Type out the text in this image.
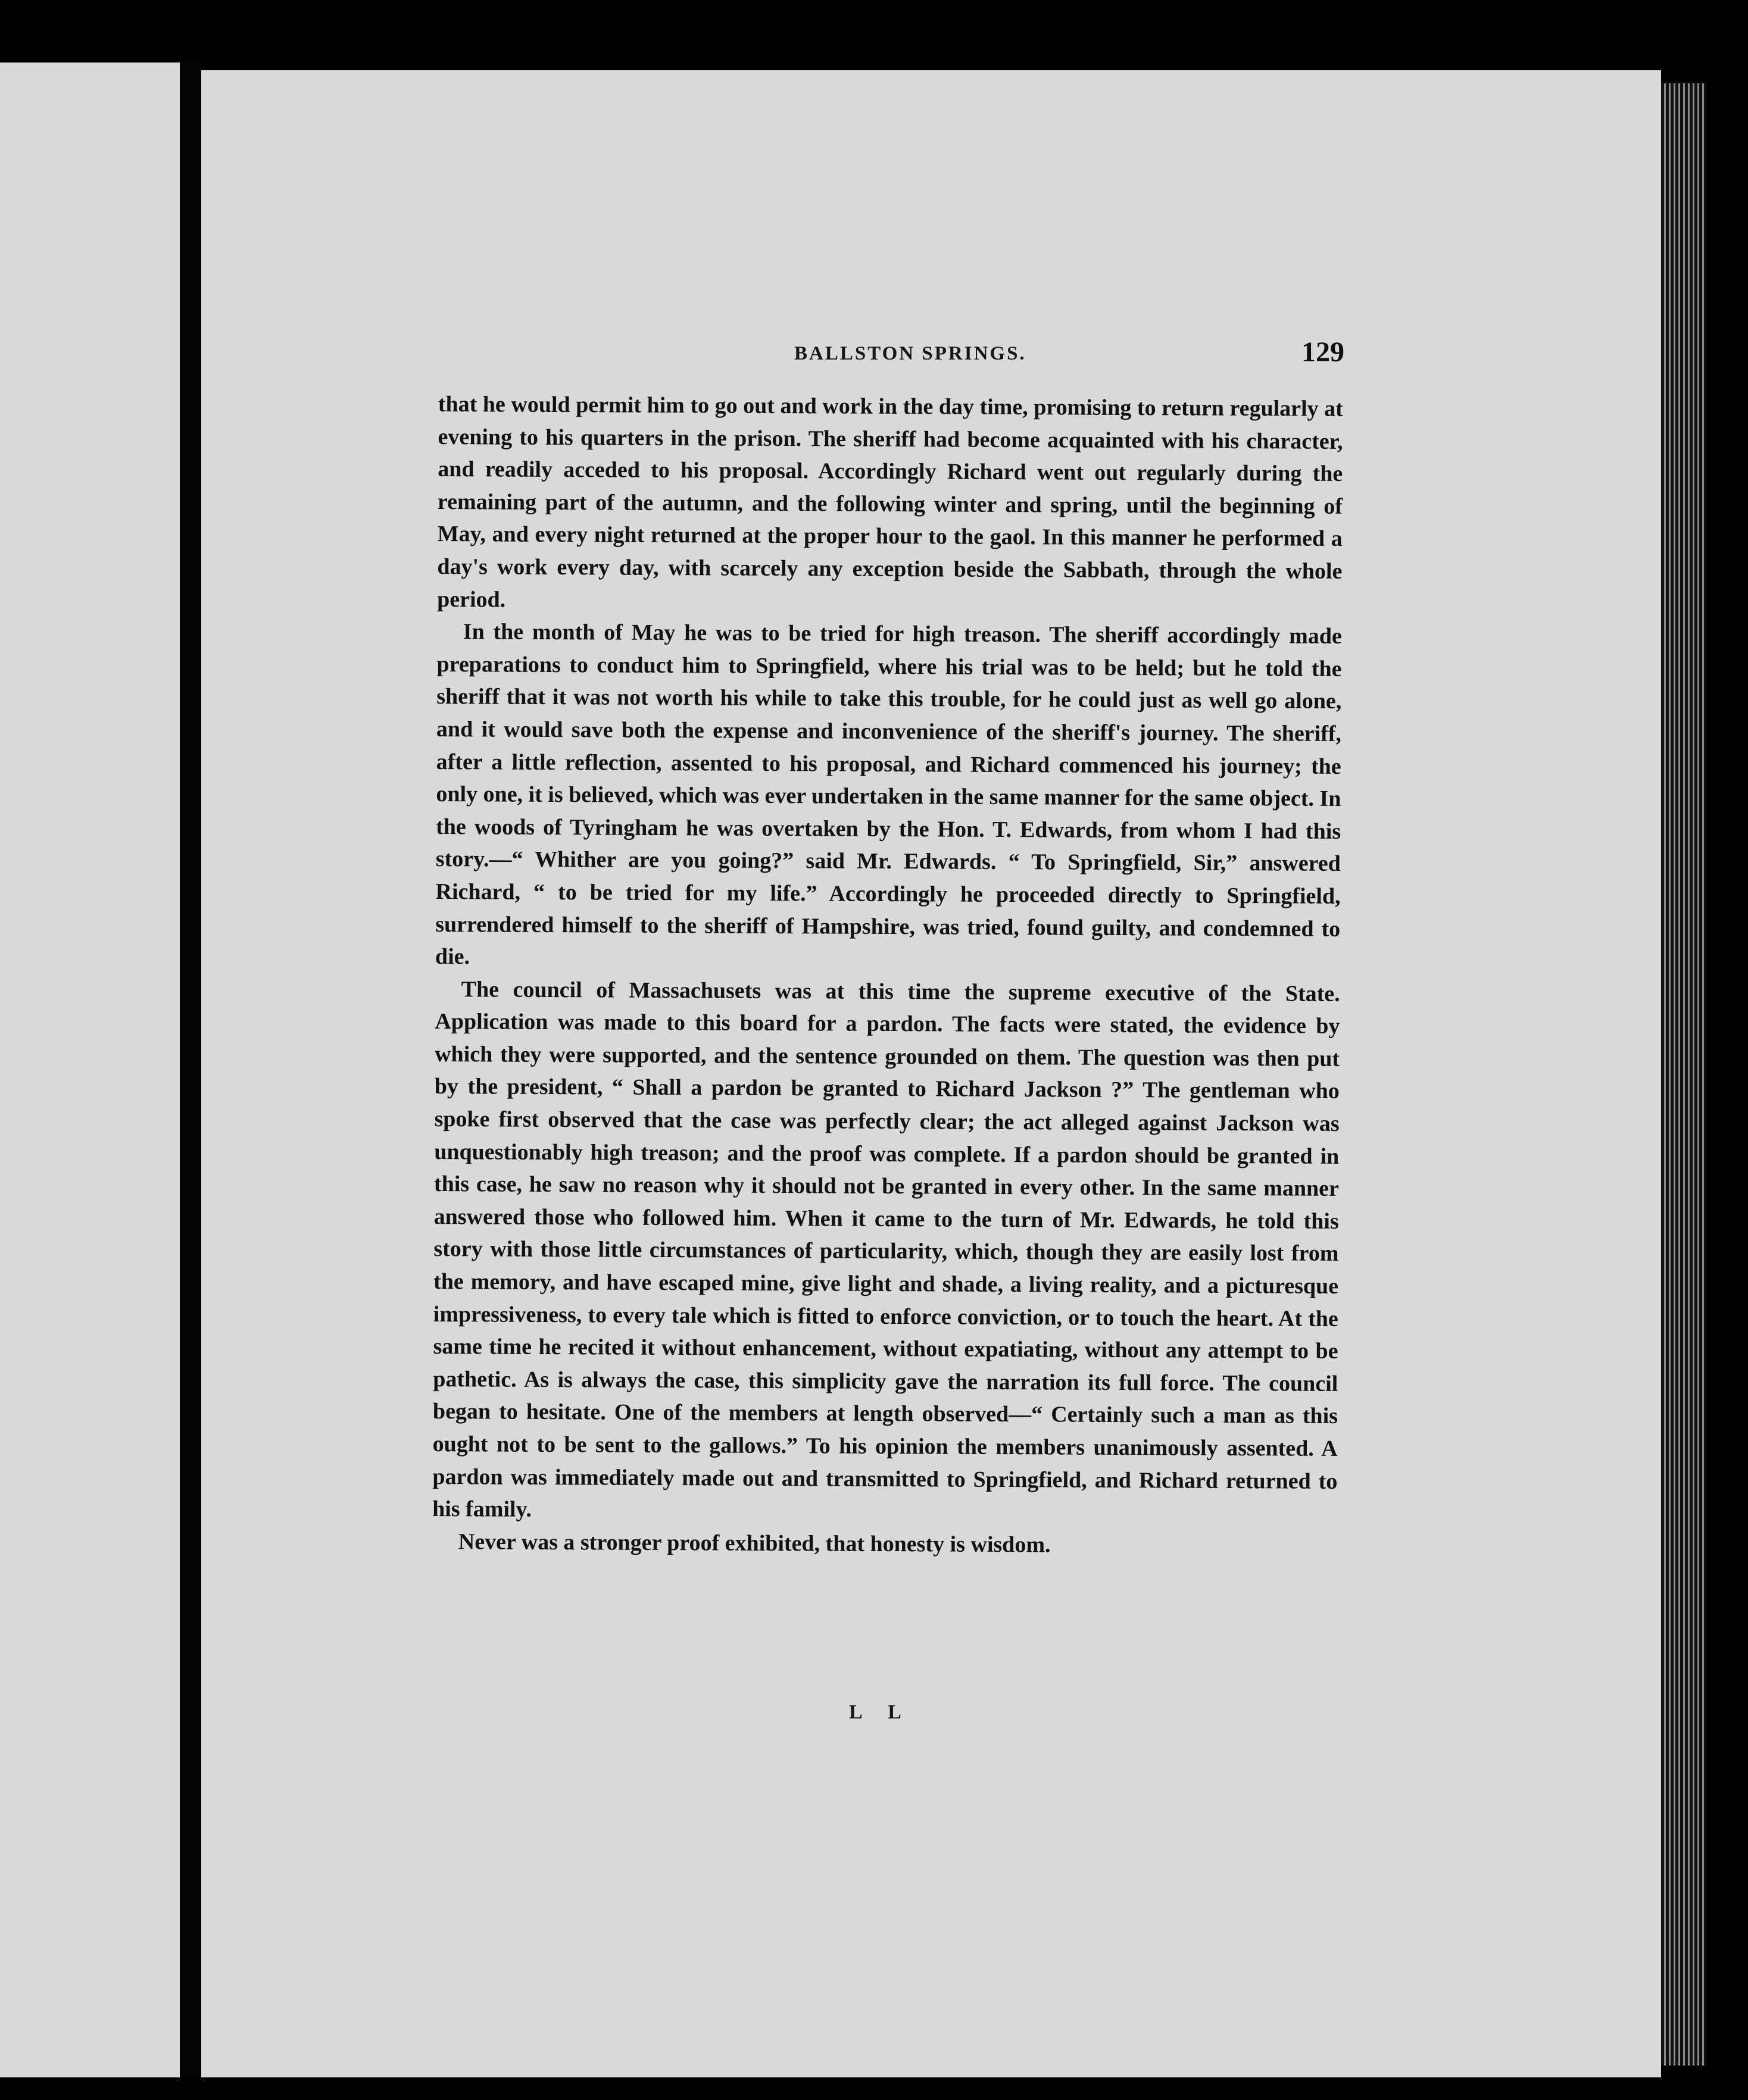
BALLSTON SPRINGS.	129

that he would permit him to go out and work in the day time, promising to return regularly at evening to his quarters in the prison. The sheriff had become acquainted with his character, and readily acceded to his proposal. Accordingly Richard went out regularly during the remaining part of the autumn, and the following winter and spring, until the beginning of May, and every night returned at the proper hour to the gaol. In this manner he performed a day's work every day, with scarcely any exception beside the Sabbath, through the whole period.

In the month of May he was to be tried for high treason. The sheriff accordingly made preparations to conduct him to Springfield, where his trial was to be held; but he told the sheriff that it was not worth his while to take this trouble, for he could just as well go alone, and it would save both the expense and inconvenience of the sheriff's journey. The sheriff, after a little reflection, assented to his proposal, and Richard commenced his journey; the only one, it is believed, which was ever undertaken in the same manner for the same object. In the woods of Tyringham he was overtaken by the Hon. T. Edwards, from whom I had this story.—“ Whither are you going?” said Mr. Edwards. “ To Springfield, Sir,” answered Richard, “ to be tried for my life.” Accordingly he proceeded directly to Springfield, surrendered himself to the sheriff of Hampshire, was tried, found guilty, and condemned to die.

The council of Massachusets was at this time the supreme executive of the State. Application was made to this board for a pardon. The facts were stated, the evidence by which they were supported, and the sentence grounded on them. The question was then put by the president, “ Shall a pardon be granted to Richard Jackson ?” The gentleman who spoke first observed that the case was perfectly clear; the act alleged against Jackson was unquestionably high treason; and the proof was complete. If a pardon should be granted in this case, he saw no reason why it should not be granted in every other. In the same manner answered those who followed him. When it came to the turn of Mr. Edwards, he told this story with those little circumstances of particularity, which, though they are easily lost from the memory, and have escaped mine, give light and shade, a living reality, and a picturesque impressiveness, to every tale which is fitted to enforce conviction, or to touch the heart. At the same time he recited it without enhancement, without expatiating, without any attempt to be pathetic. As is always the case, this simplicity gave the narration its full force. The council began to hesitate. One of the members at length observed—“ Certainly such a man as this ought not to be sent to the gallows.” To his opinion the members unanimously assented. A pardon was immediately made out and transmitted to Springfield, and Richard returned to his family.

Never was a stronger proof exhibited, that honesty is wisdom.

L L
